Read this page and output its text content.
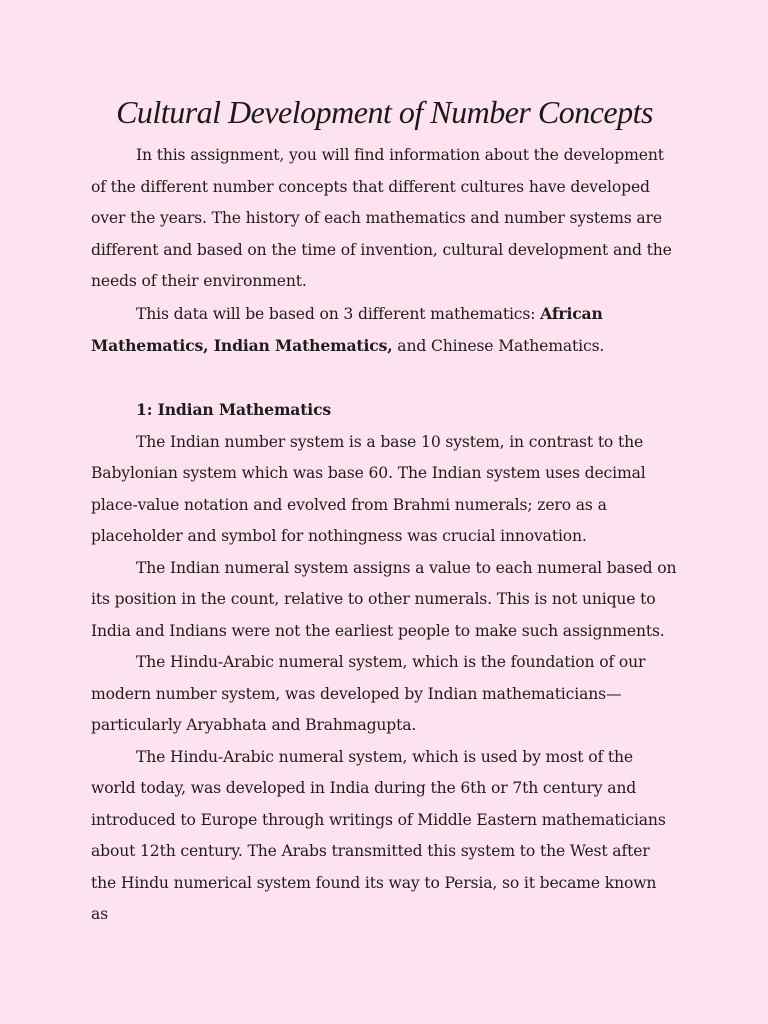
Cultural Development of Number Concepts

In this assignment, you will find information about the development of the different number concepts that different cultures have developed over the years. The history of each mathematics and number systems are different and based on the time of invention, cultural development and the needs of their environment.

This data will be based on 3 different mathematics: African Mathematics, Indian Mathematics, and Chinese Mathematics.

1: Indian Mathematics

The Indian number system is a base 10 system, in contrast to the Babylonian system which was base 60. The Indian system uses decimal place-value notation and evolved from Brahmi numerals; zero as a placeholder and symbol for nothingness was crucial innovation.

The Indian numeral system assigns a value to each numeral based on its position in the count, relative to other numerals. This is not unique to India and Indians were not the earliest people to make such assignments.

The Hindu-Arabic numeral system, which is the foundation of our modern number system, was developed by Indian mathematicians—particularly Aryabhata and Brahmagupta.

The Hindu-Arabic numeral system, which is used by most of the world today, was developed in India during the 6th or 7th century and introduced to Europe through writings of Middle Eastern mathematicians about 12th century. The Arabs transmitted this system to the West after the Hindu numerical system found its way to Persia, so it became known as
